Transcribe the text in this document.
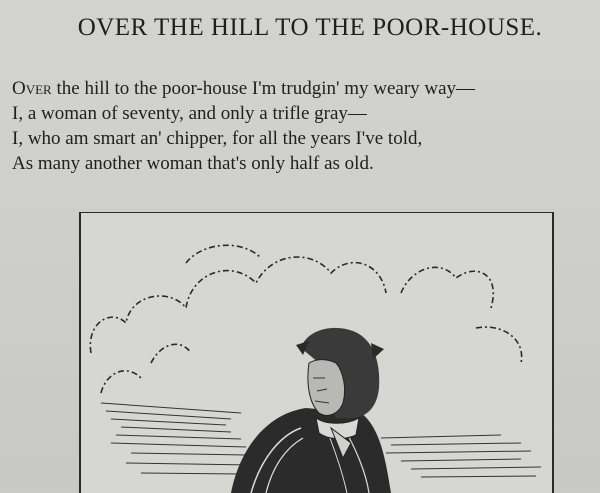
OVER THE HILL TO THE POOR-HOUSE.
Over the hill to the poor-house I'm trudgin' my weary way—
I, a woman of seventy, and only a trifle gray—
I, who am smart an' chipper, for all the years I've told,
As many another woman that's only half as old.
